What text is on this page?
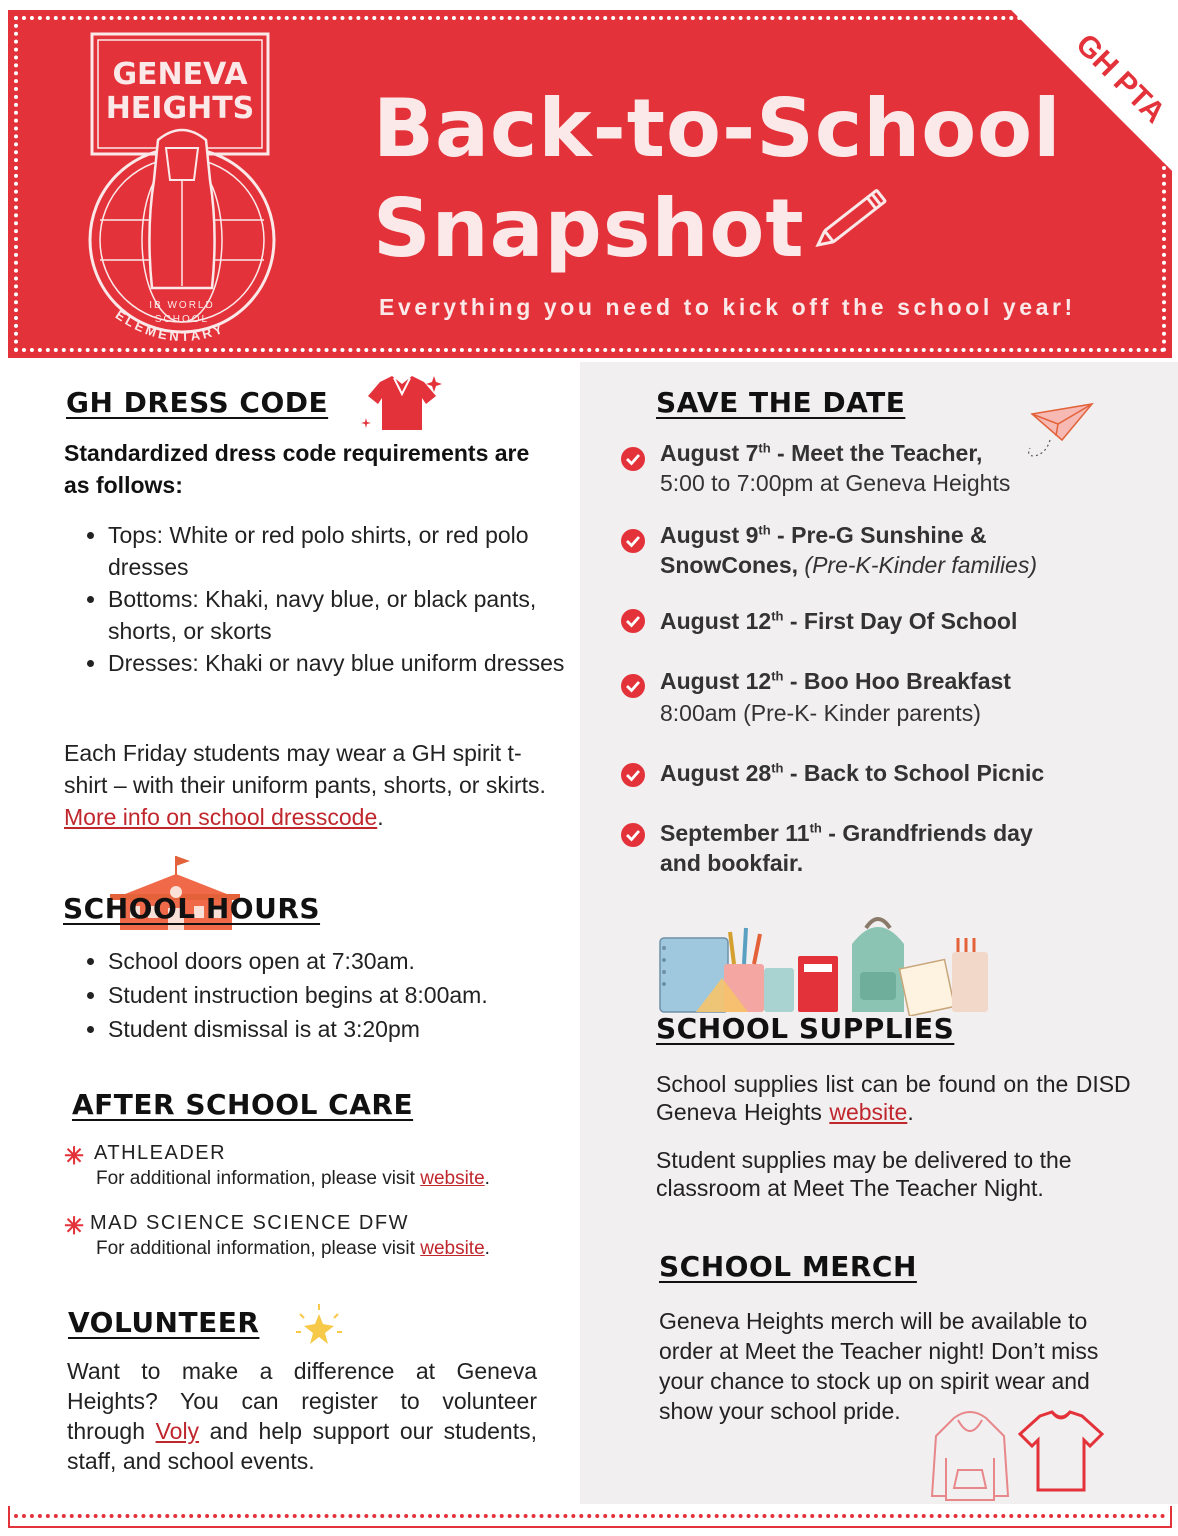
GENEVA
HEIGHTS
IB WORLD
SCHOOL
ELEMENTARY
Back-to-School
Snapshot
Everything you need to kick off the school year!
GH PTA
GH DRESS CODE
Standardized dress code requirements are as follows:
• Tops: White or red polo shirts, or red polo dresses
• Bottoms: Khaki, navy blue, or black pants, shorts, or skorts
• Dresses: Khaki or navy blue uniform dresses
Each Friday students may wear a GH spirit t-shirt – with their uniform pants, shorts, or skirts. More info on school dresscode.
SCHOOL HOURS
• School doors open at 7:30am.
• Student instruction begins at 8:00am.
• Student dismissal is at 3:20pm
AFTER SCHOOL CARE
✳ ATHLEADER
For additional information, please visit website.
✳ MAD SCIENCE SCIENCE DFW
For additional information, please visit website.
VOLUNTEER
Want to make a difference at Geneva Heights? You can register to volunteer through Voly and help support our students, staff, and school events.
SAVE THE DATE
August 7th - Meet the Teacher,
5:00 to 7:00pm at Geneva Heights
August 9th - Pre-G Sunshine &
SnowCones, (Pre-K-Kinder families)
August 12th - First Day Of School
August 12th - Boo Hoo Breakfast
8:00am (Pre-K- Kinder parents)
August 28th - Back to School Picnic
September 11th - Grandfriends day
and bookfair.
SCHOOL SUPPLIES
School supplies list can be found on the DISD Geneva Heights website.
Student supplies may be delivered to the classroom at Meet The Teacher Night.
SCHOOL MERCH
Geneva Heights merch will be available to order at Meet the Teacher night! Don’t miss your chance to stock up on spirit wear and show your school pride.
